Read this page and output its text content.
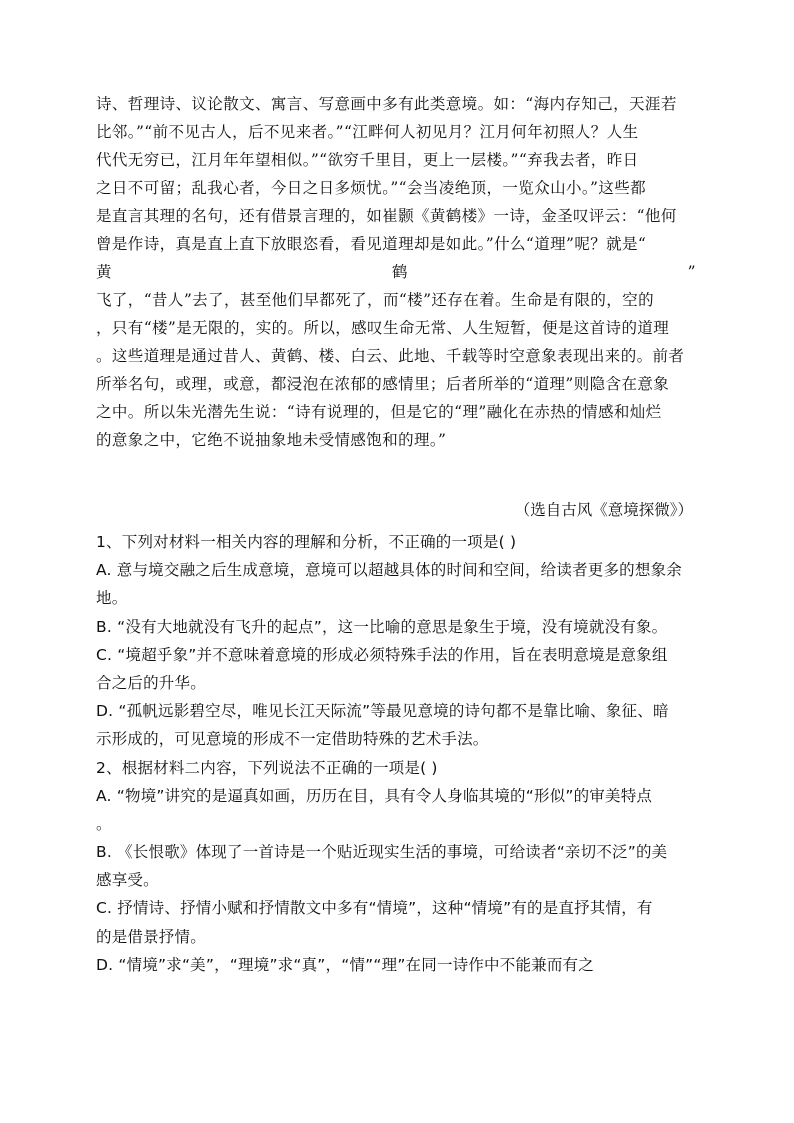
诗、哲理诗、议论散文、寓言、写意画中多有此类意境。如：“海内存知己，天涯若
比邻。”“前不见古人，后不见来者。”“江畔何人初见月？江月何年初照人？人生
代代无穷已，江月年年望相似。”“欲穷千里目，更上一层楼。”“弃我去者，昨日
之日不可留；乱我心者，今日之日多烦忧。”“会当凌绝顶，一览众山小。”这些都
是直言其理的名句，还有借景言理的，如崔颢《黄鹤楼》一诗，金圣叹评云：“他何
曾是作诗，真是直上直下放眼恣看，看见道理却是如此。”什么“道理”呢？就是“
黄	鹤	”
飞了，“昔人”去了，甚至他们早都死了，而“楼”还存在着。生命是有限的，空的
，只有“楼”是无限的，实的。所以，感叹生命无常、人生短暂，便是这首诗的道理
。这些道理是通过昔人、黄鹤、楼、白云、此地、千载等时空意象表现出来的。前者
所举名句，或理，或意，都浸泡在浓郁的感情里；后者所举的“道理”则隐含在意象
之中。所以朱光潜先生说：“诗有说理的，但是它的“理”融化在赤热的情感和灿烂
的意象之中，它绝不说抽象地未受情感饱和的理。”
（选自古风《意境探微》）
1、下列对材料一相关内容的理解和分析，不正确的一项是( )
A. 意与境交融之后生成意境，意境可以超越具体的时间和空间，给读者更多的想象余
地。
B. “没有大地就没有飞升的起点”，这一比喻的意思是象生于境，没有境就没有象。
C. “境超乎象”并不意味着意境的形成必须特殊手法的作用，旨在表明意境是意象组
合之后的升华。
D. “孤帆远影碧空尽，唯见长江天际流”等最见意境的诗句都不是靠比喻、象征、暗
示形成的，可见意境的形成不一定借助特殊的艺术手法。
2、根据材料二内容，下列说法不正确的一项是( )
A. “物境”讲究的是逼真如画，历历在目，具有令人身临其境的“形似”的审美特点
。
B. 《长恨歌》体现了一首诗是一个贴近现实生活的事境，可给读者“亲切不泛”的美
感享受。
C. 抒情诗、抒情小赋和抒情散文中多有“情境”，这种“情境”有的是直抒其情，有
的是借景抒情。
D. “情境”求“美”，“理境”求“真”，“情”“理”在同一诗作中不能兼而有之
